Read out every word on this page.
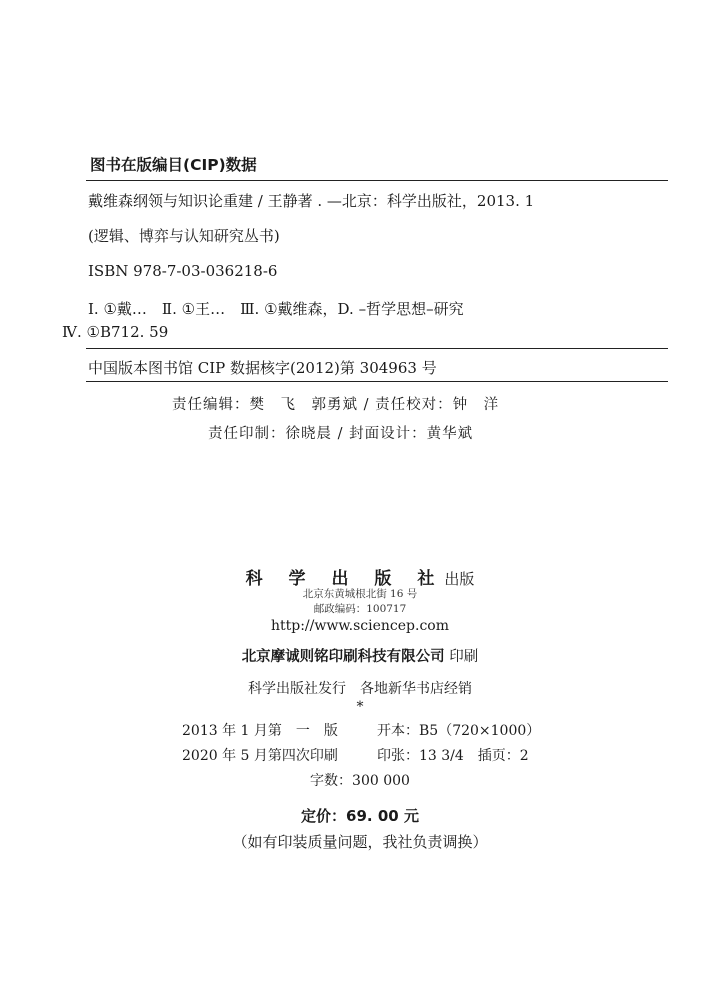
图书在版编目(CIP)数据
戴维森纲领与知识论重建 / 王静著 . —北京：科学出版社，2013. 1
(逻辑、博弈与认知研究丛书)
ISBN 978-7-03-036218-6
Ⅰ. ①戴…　Ⅱ. ①王…　Ⅲ. ①戴维森，D. –哲学思想–研究
Ⅳ. ①B712. 59
中国版本图书馆 CIP 数据核字(2012)第 304963 号
责任编辑：樊　飞　郭勇斌 / 责任校对：钟　洋
责任印制：徐晓晨 / 封面设计：黄华斌
科 学 出 版 社出版
北京东黄城根北街 16 号
邮政编码：100717
http://www.sciencep.com
北京摩诚则铭印刷科技有限公司 印刷
科学出版社发行　各地新华书店经销
*
2013 年 1 月第　一　版	开本：B5（720×1000）
2020 年 5 月第四次印刷	印张：13 3/4　插页：2
字数：300 000
定价：69. 00 元
（如有印装质量问题，我社负责调换）
